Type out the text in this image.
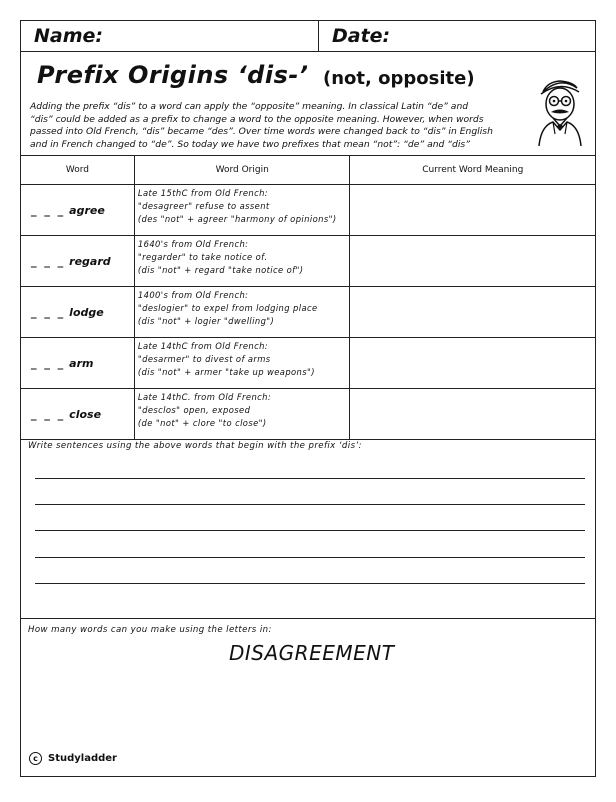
Name:	Date:
Prefix Origins ‘dis-’ (not, opposite)
Adding the prefix “dis” to a word can apply the “opposite” meaning. In classical Latin “de” and
“dis” could be added as a prefix to change a word to the opposite meaning. However, when words
passed into Old French, “dis” became “des”. Over time words were changed back to “dis” in English
and in French changed to “de”. So today we have two prefixes that mean “not”: “de” and “dis”
Word	Word Origin	Current Word Meaning
_ _ _ agree	Late 15thC from Old French:
"desagreer" refuse to assent
(des "not" + agreer "harmony of opinions")	

_ _ _ regard	1640's from Old French:
"regarder" to take notice of.
(dis "not" + regard "take notice of")	

_ _ _ lodge	1400's from Old French:
"deslogier" to expel from lodging place
(dis "not" + logier "dwelling")	

_ _ _ arm	Late 14thC from Old French:
"desarmer" to divest of arms
(dis "not" + armer "take up weapons")	

_ _ _ close	Late 14thC. from Old French:
"desclos" open, exposed
(de "not" + clore "to close")	

Write sentences using the above words that begin with the prefix ‘dis’:
How many words can you make using the letters in:
DISAGREEMENT
c	Studyladder
